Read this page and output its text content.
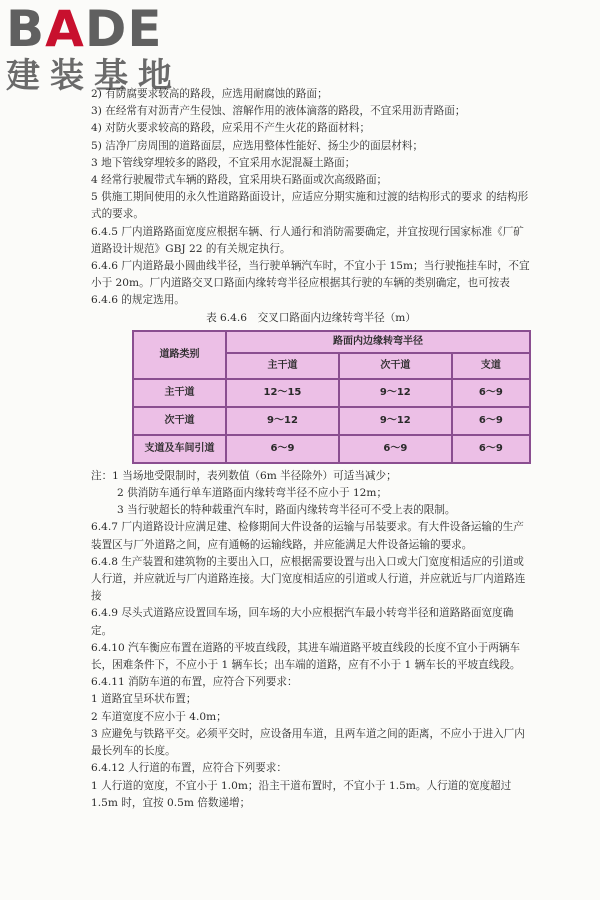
BADE
建装基地

2) 有防腐要求较高的路段，应选用耐腐蚀的路面；

3) 在经常有对沥青产生侵蚀、溶解作用的液体滴落的路段，不宜采用沥青路面；

4) 对防火要求较高的路段，应采用不产生火花的路面材料；

5) 洁净厂房周围的道路面层，应选用整体性能好、扬尘少的面层材料；

3 地下管线穿埋较多的路段，不宜采用水泥混凝土路面；

4 经常行驶履带式车辆的路段，宜采用块石路面或次高级路面；

5 供施工期间使用的永久性道路路面设计，应适应分期实施和过渡的结构形式的要求 的结构形式的要求。

6.4.5 厂内道路路面宽度应根据车辆、行人通行和消防需要确定，并宜按现行国家标准《厂矿道路设计规范》GBJ 22 的有关规定执行。

6.4.6 厂内道路最小圆曲线半径，当行驶单辆汽车时，不宜小于 15m；当行驶拖挂车时，不宜小于 20m。厂内道路交叉口路面内缘转弯半径应根据其行驶的车辆的类别确定，也可按表 6.4.6 的规定选用。

表 6.4.6　交叉口路面内边缘转弯半径（m）

道路类别	路面内边缘转弯半径		
	主干道	次干道	支道
主干道	12～15	9～12	6～9
次干道	9～12	9～12	6～9
支道及车间引道	6～9	6～9	6～9

注：1 当场地受限制时，表列数值（6m 半径除外）可适当减少；

2 供消防车通行单车道路面内缘转弯半径不应小于 12m；

3 当行驶超长的特种载重汽车时，路面内缘转弯半径可不受上表的限制。

6.4.7 厂内道路设计应满足建、检修期间大件设备的运输与吊装要求。有大件设备运输的生产装置区与厂外道路之间，应有通畅的运输线路，并应能满足大件设备运输的要求。

6.4.8 生产装置和建筑物的主要出入口，应根据需要设置与出入口或大门宽度相适应的引道或人行道，并应就近与厂内道路连接。大门宽度相适应的引道或人行道，并应就近与厂内道路连接

6.4.9 尽头式道路应设置回车场，回车场的大小应根据汽车最小转弯半径和道路路面宽度确定。

6.4.10 汽车衡应布置在道路的平坡直线段，其进车端道路平坡直线段的长度不宜小于两辆车长，困难条件下，不应小于 1 辆车长；出车端的道路，应有不小于 1 辆车长的平坡直线段。

6.4.11 消防车道的布置，应符合下列要求：

1 道路宜呈环状布置；

2 车道宽度不应小于 4.0m；

3 应避免与铁路平交。必须平交时，应设备用车道，且两车道之间的距离，不应小于进入厂内最长列车的长度。

6.4.12 人行道的布置，应符合下列要求：

1 人行道的宽度，不宜小于 1.0m；沿主干道布置时，不宜小于 1.5m。人行道的宽度超过 1.5m 时，宜按 0.5m 倍数递增；
